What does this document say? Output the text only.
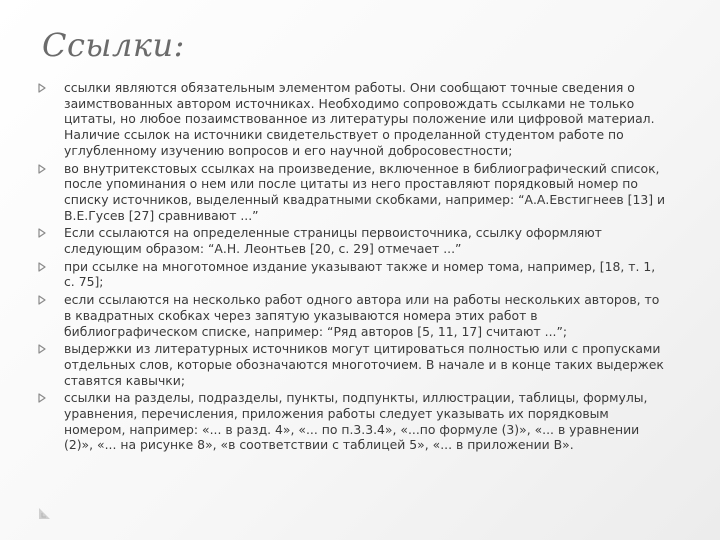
Ссылки:
ссылки являются обязательным элементом работы. Они сообщают точные сведения о заимствованных автором источниках. Необходимо сопровождать ссылками не только цитаты, но любое позаимствованное из литературы положение или цифровой материал. Наличие ссылок на источники свидетельствует о проделанной студентом работе по углубленному изучению вопросов и его научной добросовестности;
во внутритекстовых ссылках на произведение, включенное в библиографический список, после упоминания о нем или после цитаты из него проставляют порядковый номер по списку источников, выделенный квадратными скобками, например: “А.А.Евстигнеев [13] и В.Е.Гусев [27] сравнивают ...”
Если ссылаются на определенные страницы первоисточника, ссылку оформляют следующим образом: “А.Н. Леонтьев [20, с. 29] отмечает ...”
при ссылке на многотомное издание указывают также и номер тома, например, [18, т. 1, с. 75];
если ссылаются на несколько работ одного автора или на работы нескольких авторов, то в квадратных скобках через запятую указываются номера этих работ в библиографическом списке, например: “Ряд авторов [5, 11, 17] считают ...”;
выдержки из литературных источников могут цитироваться полностью или с пропусками отдельных слов, которые обозначаются многоточием. В начале и в конце таких выдержек ставятся кавычки;
ссылки на разделы, подразделы, пункты, подпункты, иллюстрации, таблицы, формулы, уравнения, перечисления, приложения работы следует указывать их порядковым номером, например: «... в разд. 4», «... по п.3.3.4», «...по формуле (3)», «... в уравнении (2)», «... на рисунке 8», «в соответствии с таблицей 5», «... в приложении В».
